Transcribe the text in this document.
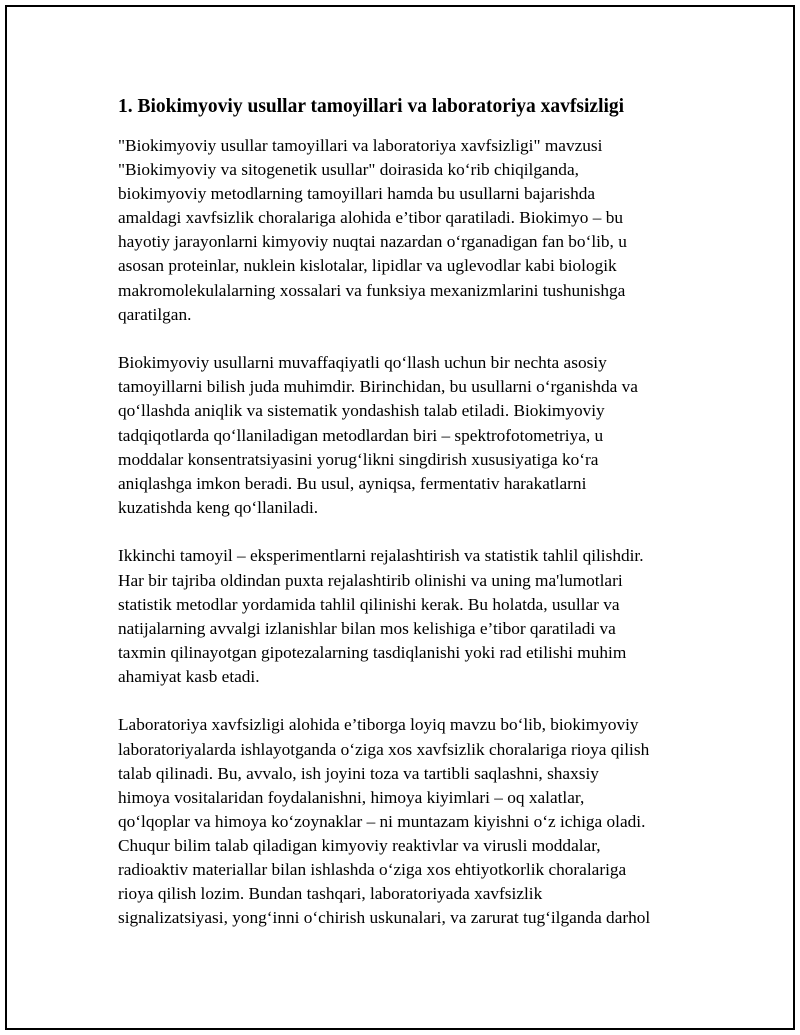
1. Biokimyoviy usullar tamoyillari va laboratoriya xavfsizligi

"Biokimyoviy usullar tamoyillari va laboratoriya xavfsizligi" mavzusi
"Biokimyoviy va sitogenetik usullar" doirasida ko‘rib chiqilganda,
biokimyoviy metodlarning tamoyillari hamda bu usullarni bajarishda
amaldagi xavfsizlik choralariga alohida e’tibor qaratiladi. Biokimyo – bu
hayotiy jarayonlarni kimyoviy nuqtai nazardan o‘rganadigan fan bo‘lib, u
asosan proteinlar, nuklein kislotalar, lipidlar va uglevodlar kabi biologik
makromolekulalarning xossalari va funksiya mexanizmlarini tushunishga
qaratilgan.

Biokimyoviy usullarni muvaffaqiyatli qo‘llash uchun bir nechta asosiy
tamoyillarni bilish juda muhimdir. Birinchidan, bu usullarni o‘rganishda va
qo‘llashda aniqlik va sistematik yondashish talab etiladi. Biokimyoviy
tadqiqotlarda qo‘llaniladigan metodlardan biri – spektrofotometriya, u
moddalar konsentratsiyasini yorug‘likni singdirish xususiyatiga ko‘ra
aniqlashga imkon beradi. Bu usul, ayniqsa, fermentativ harakatlarni
kuzatishda keng qo‘llaniladi.

Ikkinchi tamoyil – eksperimentlarni rejalashtirish va statistik tahlil qilishdir.
Har bir tajriba oldindan puxta rejalashtirib olinishi va uning ma'lumotlari
statistik metodlar yordamida tahlil qilinishi kerak. Bu holatda, usullar va
natijalarning avvalgi izlanishlar bilan mos kelishiga e’tibor qaratiladi va
taxmin qilinayotgan gipotezalarning tasdiqlanishi yoki rad etilishi muhim
ahamiyat kasb etadi.

Laboratoriya xavfsizligi alohida e’tiborga loyiq mavzu bo‘lib, biokimyoviy
laboratoriyalarda ishlayotganda o‘ziga xos xavfsizlik choralariga rioya qilish
talab qilinadi. Bu, avvalo, ish joyini toza va tartibli saqlashni, shaxsiy
himoya vositalaridan foydalanishni, himoya kiyimlari – oq xalatlar,
qo‘lqoplar va himoya ko‘zoynaklar – ni muntazam kiyishni o‘z ichiga oladi.
Chuqur bilim talab qiladigan kimyoviy reaktivlar va virusli moddalar,
radioaktiv materiallar bilan ishlashda o‘ziga xos ehtiyotkorlik choralariga
rioya qilish lozim. Bundan tashqari, laboratoriyada xavfsizlik
signalizatsiyasi, yong‘inni o‘chirish uskunalari, va zarurat tug‘ilganda darhol
